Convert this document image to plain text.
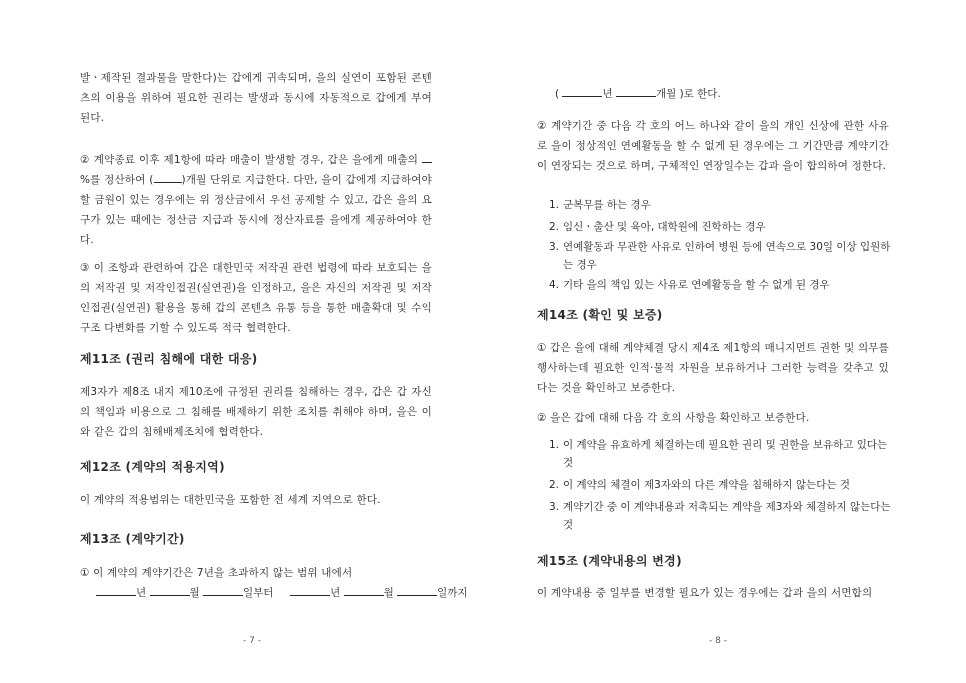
발ㆍ제작된 결과물을 말한다)는 갑에게 귀속되며, 을의 실연이 포함된 콘텐츠의 이용을 위하여 필요한 권리는 발생과 동시에 자동적으로 갑에게 부여된다.

② 계약종료 이후 제1항에 따라 매출이 발생할 경우, 갑은 을에게 매출의 %를 정산하여 (	)개월 단위로 지급한다. 다만, 을이 갑에게 지급하여야 할 금원이 있는 경우에는 위 정산금에서 우선 공제할 수 있고, 갑은 을의 요구가 있는 때에는 정산금 지급과 동시에 정산자료를 을에게 제공하여야 한다.

③ 이 조항과 관련하여 갑은 대한민국 저작권 관련 법령에 따라 보호되는 을의 저작권 및 저작인접권(실연권)을 인정하고, 을은 자신의 저작권 및 저작인접권(실연권) 활용을 통해 갑의 콘텐츠 유통 등을 통한 매출확대 및 수익구조 다변화를 기할 수 있도록 적극 협력한다.

제11조 (권리 침해에 대한 대응)

제3자가 제8조 내지 제10조에 규정된 권리를 침해하는 경우, 갑은 갑 자신의 책임과 비용으로 그 침해를 배제하기 위한 조치를 취해야 하며, 을은 이와 같은 갑의 침해배제조치에 협력한다.

제12조 (계약의 적용지역)

이 계약의 적용범위는 대한민국을 포함한 전 세계 지역으로 한다.

제13조 (계약기간)

① 이 계약의 계약기간은 7년을 초과하지 않는 범위 내에서

년	월	일부터	년	월	일까지
- 7 -
(	년	개월 )로 한다.

② 계약기간 중 다음 각 호의 어느 하나와 같이 을의 개인 신상에 관한 사유로 을이 정상적인 연예활동을 할 수 없게 된 경우에는 그 기간만큼 계약기간이 연장되는 것으로 하며, 구체적인 연장일수는 갑과 을이 합의하여 정한다.

1. 군복무를 하는 경우
2. 임신ㆍ출산 및 육아, 대학원에 진학하는 경우
3. 연예활동과 무관한 사유로 인하여 병원 등에 연속으로 30일 이상 입원하는 경우
4. 기타 을의 책임 있는 사유로 연예활동을 할 수 없게 된 경우
제14조 (확인 및 보증)

① 갑은 을에 대해 계약체결 당시 제4조 제1항의 매니지먼트 권한 및 의무를 행사하는데 필요한 인적·물적 자원을 보유하거나 그러한 능력을 갖추고 있다는 것을 확인하고 보증한다.

② 을은 갑에 대해 다음 각 호의 사항을 확인하고 보증한다.

1. 이 계약을 유효하게 체결하는데 필요한 권리 및 권한을 보유하고 있다는 것
2. 이 계약의 체결이 제3자와의 다른 계약을 침해하지 않는다는 것
3. 계약기간 중 이 계약내용과 저촉되는 계약을 제3자와 체결하지 않는다는 것
제15조 (계약내용의 변경)

이 계약내용 중 일부를 변경할 필요가 있는 경우에는 갑과 을의 서면합의

- 8 -
